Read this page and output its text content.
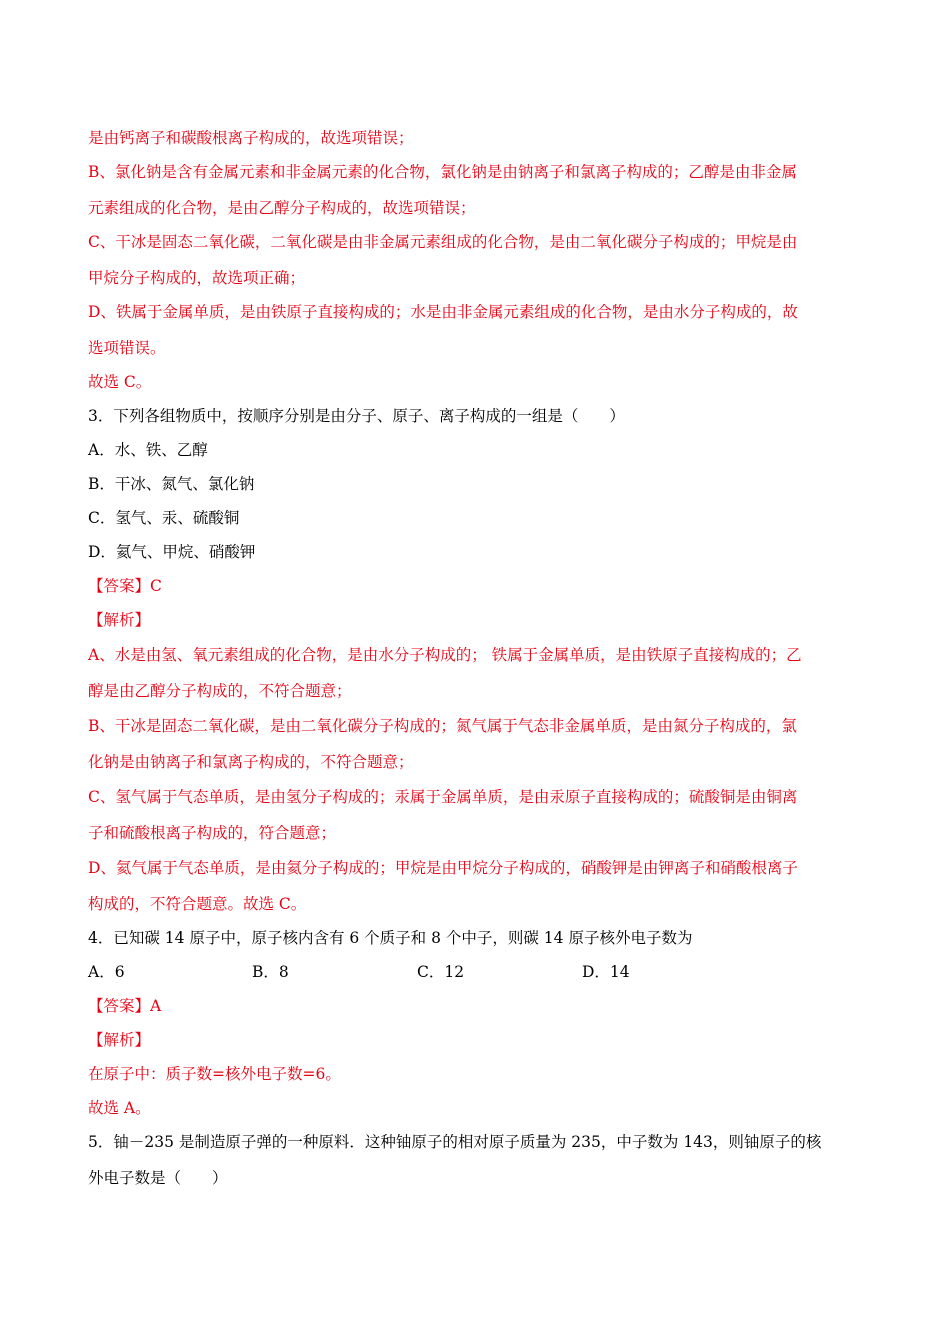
是由钙离子和碳酸根离子构成的，故选项错误；
B、氯化钠是含有金属元素和非金属元素的化合物，氯化钠是由钠离子和氯离子构成的；乙醇是由非金属
元素组成的化合物，是由乙醇分子构成的，故选项错误；
C、干冰是固态二氧化碳，二氧化碳是由非金属元素组成的化合物，是由二氧化碳分子构成的；甲烷是由
甲烷分子构成的，故选项正确；
D、铁属于金属单质，是由铁原子直接构成的；水是由非金属元素组成的化合物，是由水分子构成的，故
选项错误。
故选 C。
3．下列各组物质中，按顺序分别是由分子、原子、离子构成的一组是（　　）
A．水、铁、乙醇
B．干冰、氮气、氯化钠
C．氢气、汞、硫酸铜
D．氦气、甲烷、硝酸钾
【答案】C
【解析】
A、水是由氢、氧元素组成的化合物，是由水分子构成的； 铁属于金属单质，是由铁原子直接构成的；乙
醇是由乙醇分子构成的，不符合题意；
B、干冰是固态二氧化碳，是由二氧化碳分子构成的；氮气属于气态非金属单质，是由氮分子构成的，氯
化钠是由钠离子和氯离子构成的，不符合题意；
C、氢气属于气态单质，是由氢分子构成的；汞属于金属单质，是由汞原子直接构成的；硫酸铜是由铜离
子和硫酸根离子构成的，符合题意；
D、氦气属于气态单质，是由氦分子构成的；甲烷是由甲烷分子构成的，硝酸钾是由钾离子和硝酸根离子
构成的，不符合题意。故选 C。
4．已知碳 14 原子中，原子核内含有 6 个质子和 8 个中子，则碳 14 原子核外电子数为
A．6	B．8	C．12	D．14
【答案】A
【解析】
在原子中：质子数=核外电子数=6。
故选 A。
5．铀－235 是制造原子弹的一种原料．这种铀原子的相对原子质量为 235，中子数为 143，则铀原子的核
外电子数是（　　）
